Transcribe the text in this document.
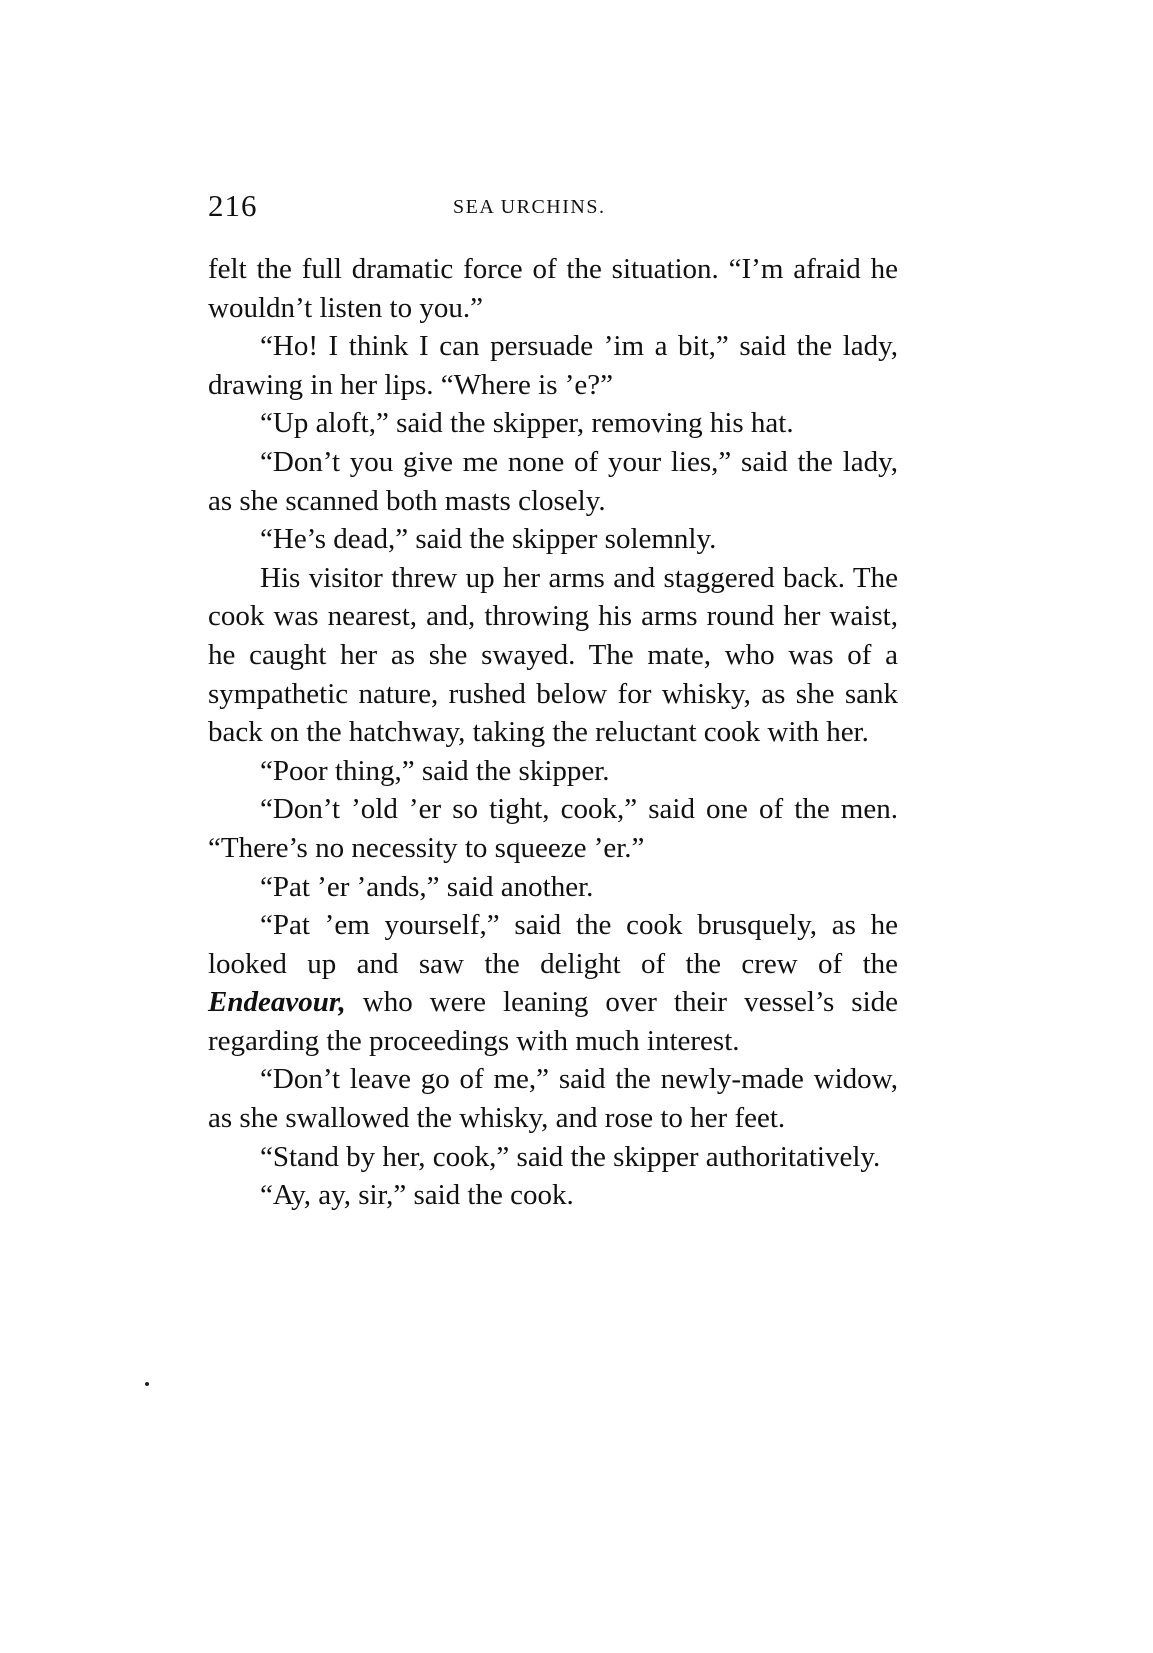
216	SEA URCHINS.

felt the full dramatic force of the situation. “I’m afraid he wouldn’t listen to you.”

“Ho! I think I can persuade ’im a bit,” said the lady, drawing in her lips. “Where is ’e?”

“Up aloft,” said the skipper, removing his hat.

“Don’t you give me none of your lies,” said the lady, as she scanned both masts closely.

“He’s dead,” said the skipper solemnly.

His visitor threw up her arms and staggered back. The cook was nearest, and, throwing his arms round her waist, he caught her as she swayed. The mate, who was of a sympathetic nature, rushed below for whisky, as she sank back on the hatchway, taking the reluctant cook with her.

“Poor thing,” said the skipper.

“Don’t ’old ’er so tight, cook,” said one of the men. “There’s no necessity to squeeze ’er.”

“Pat ’er ’ands,” said another.

“Pat ’em yourself,” said the cook brusquely, as he looked up and saw the delight of the crew of the Endeavour, who were leaning over their vessel’s side regarding the proceedings with much interest.

“Don’t leave go of me,” said the newly-made widow, as she swallowed the whisky, and rose to her feet.

“Stand by her, cook,” said the skipper authoritatively.

“Ay, ay, sir,” said the cook.
